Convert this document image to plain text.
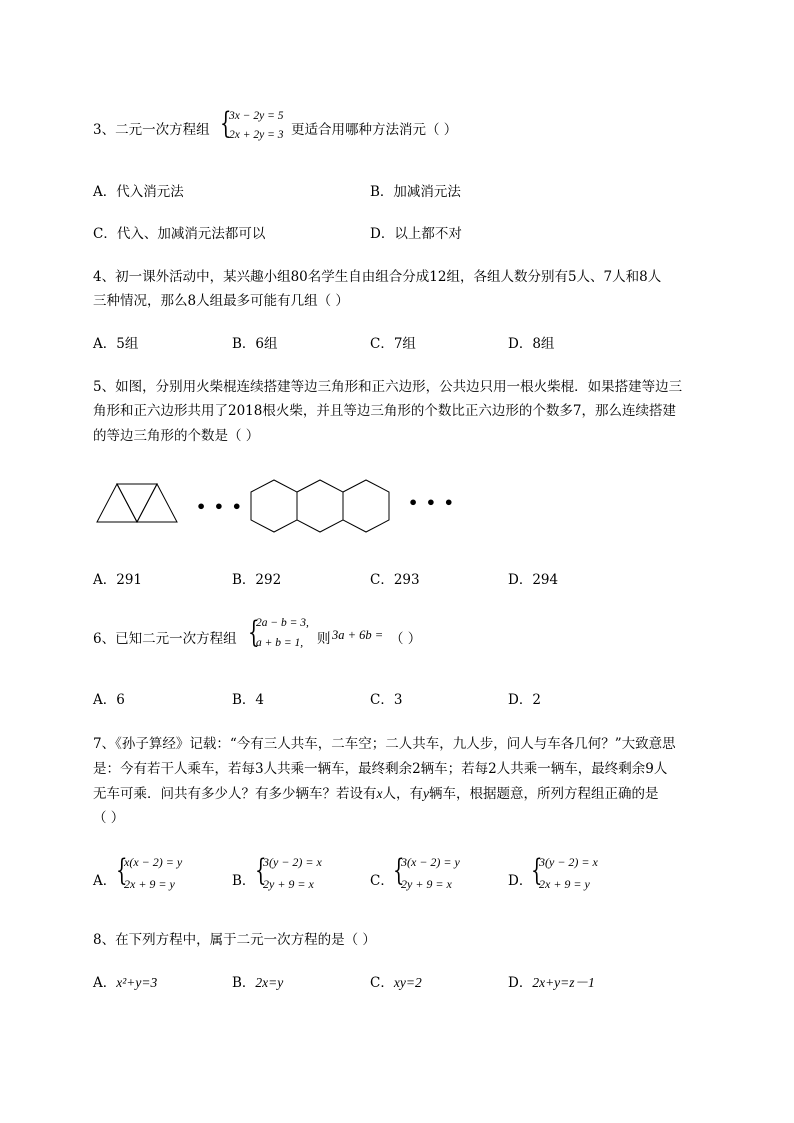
3、二元一次方程组 {
3x − 2y = 5
2x + 2y = 3 更适合用哪种方法消元（ ）
A．代入消元法	B．加减消元法
C．代入、加减消元法都可以	D．以上都不对
4、初一课外活动中，某兴趣小组80名学生自由组合分成12组，各组人数分别有5人、7人和8人
三种情况，那么8人组最多可能有几组（ ）
A．5组	B．6组	C．7组	D．8组
5、如图，分别用火柴棍连续搭建等边三角形和正六边形，公共边只用一根火柴棍．如果搭建等边三
角形和正六边形共用了2018根火柴，并且等边三角形的个数比正六边形的个数多7，那么连续搭建
的等边三角形的个数是（ ）
• • •	• • •
A．291	B．292	C．293	D．294
6、已知二元一次方程组 {
2a − b = 3,
a + b = 1, 则 3a + 6b = （ ）
A．6	B．4	C．3	D．2
7、《孙子算经》记载：“今有三人共车，二车空；二人共车，九人步，问人与车各几何？”大致意思
是：今有若干人乘车，若每3人共乘一辆车，最终剩余2辆车；若每2人共乘一辆车，最终剩余9人
无车可乘．问共有多少人？有多少辆车？若设有x人，有y辆车，根据题意，所列方程组正确的是
（ ）
A． {
x(x − 2) = y
2x + 9 = y	B． {
3(y − 2) = x
2y + 9 = x	C． {
3(x − 2) = y
2y + 9 = x	D．
{
3(y − 2) = x
2x + 9 = y
8、在下列方程中，属于二元一次方程的是（ ）
A．x²+y=3	B．2x=y	C．xy=2	D．2x+y=z－1
